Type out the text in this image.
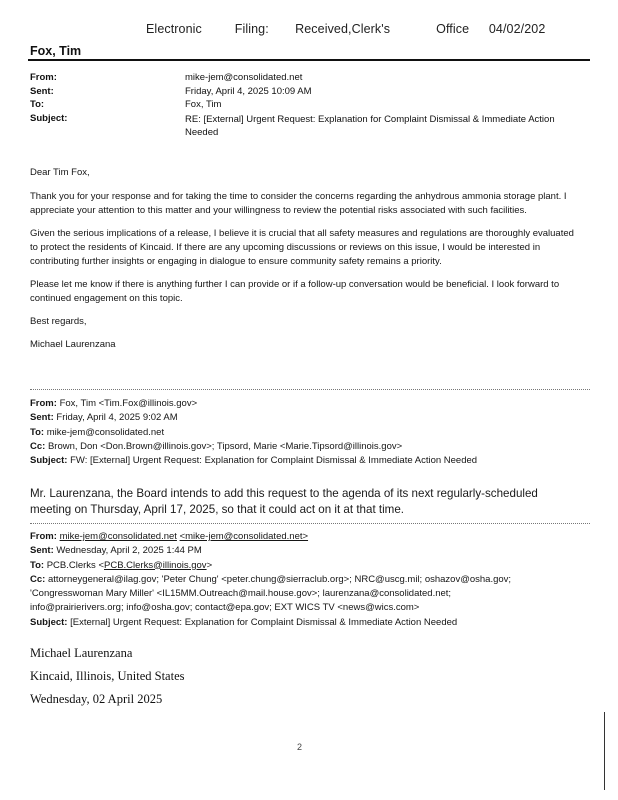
Electronic	Filing: Received,Clerk's	Office 04/02/202
Fox, Tim
From:	mike-jem@consolidated.net
Sent:	Friday, April 4, 2025 10:09 AM
To:	Fox, Tim
Subject:	RE: [External] Urgent Request: Explanation for Complaint Dismissal & Immediate Action Needed

Dear Tim Fox,

Thank you for your response and for taking the time to consider the concerns regarding the anhydrous ammonia storage plant. I appreciate your attention to this matter and your willingness to review the potential risks associated with such facilities.

Given the serious implications of a release, I believe it is crucial that all safety measures and regulations are thoroughly evaluated to protect the residents of Kincaid. If there are any upcoming discussions or reviews on this issue, I would be interested in contributing further insights or engaging in dialogue to ensure community safety remains a priority.

Please let me know if there is anything further I can provide or if a follow-up conversation would be beneficial. I look forward to continued engagement on this topic.

Best regards,

Michael Laurenzana

From: Fox, Tim <Tim.Fox@illinois.gov>
Sent: Friday, April 4, 2025 9:02 AM
To: mike-jem@consolidated.net
Cc: Brown, Don <Don.Brown@illinois.gov>; Tipsord, Marie <Marie.Tipsord@illinois.gov>
Subject: FW: [External] Urgent Request: Explanation for Complaint Dismissal & Immediate Action Needed
Mr. Laurenzana, the Board intends to add this request to the agenda of its next regularly-scheduled meeting on Thursday, April 17, 2025, so that it could act on it at that time.
From: mike-jem@consolidated.net <mike-jem@consolidated.net>
Sent: Wednesday, April 2, 2025 1:44 PM
To: PCB.Clerks <PCB.Clerks@illinois.gov>
Cc: attorneygeneral@ilag.gov; 'Peter Chung' <peter.chung@sierraclub.org>; NRC@uscg.mil; oshazov@osha.gov;
'Congresswoman Mary Miller' <IL15MM.Outreach@mail.house.gov>; laurenzana@consolidated.net;
info@prairierivers.org; info@osha.gov; contact@epa.gov; EXT WICS TV <news@wics.com>
Subject: [External] Urgent Request: Explanation for Complaint Dismissal & Immediate Action Needed
Michael Laurenzana
Kincaid, Illinois, United States
Wednesday, 02 April 2025
2
